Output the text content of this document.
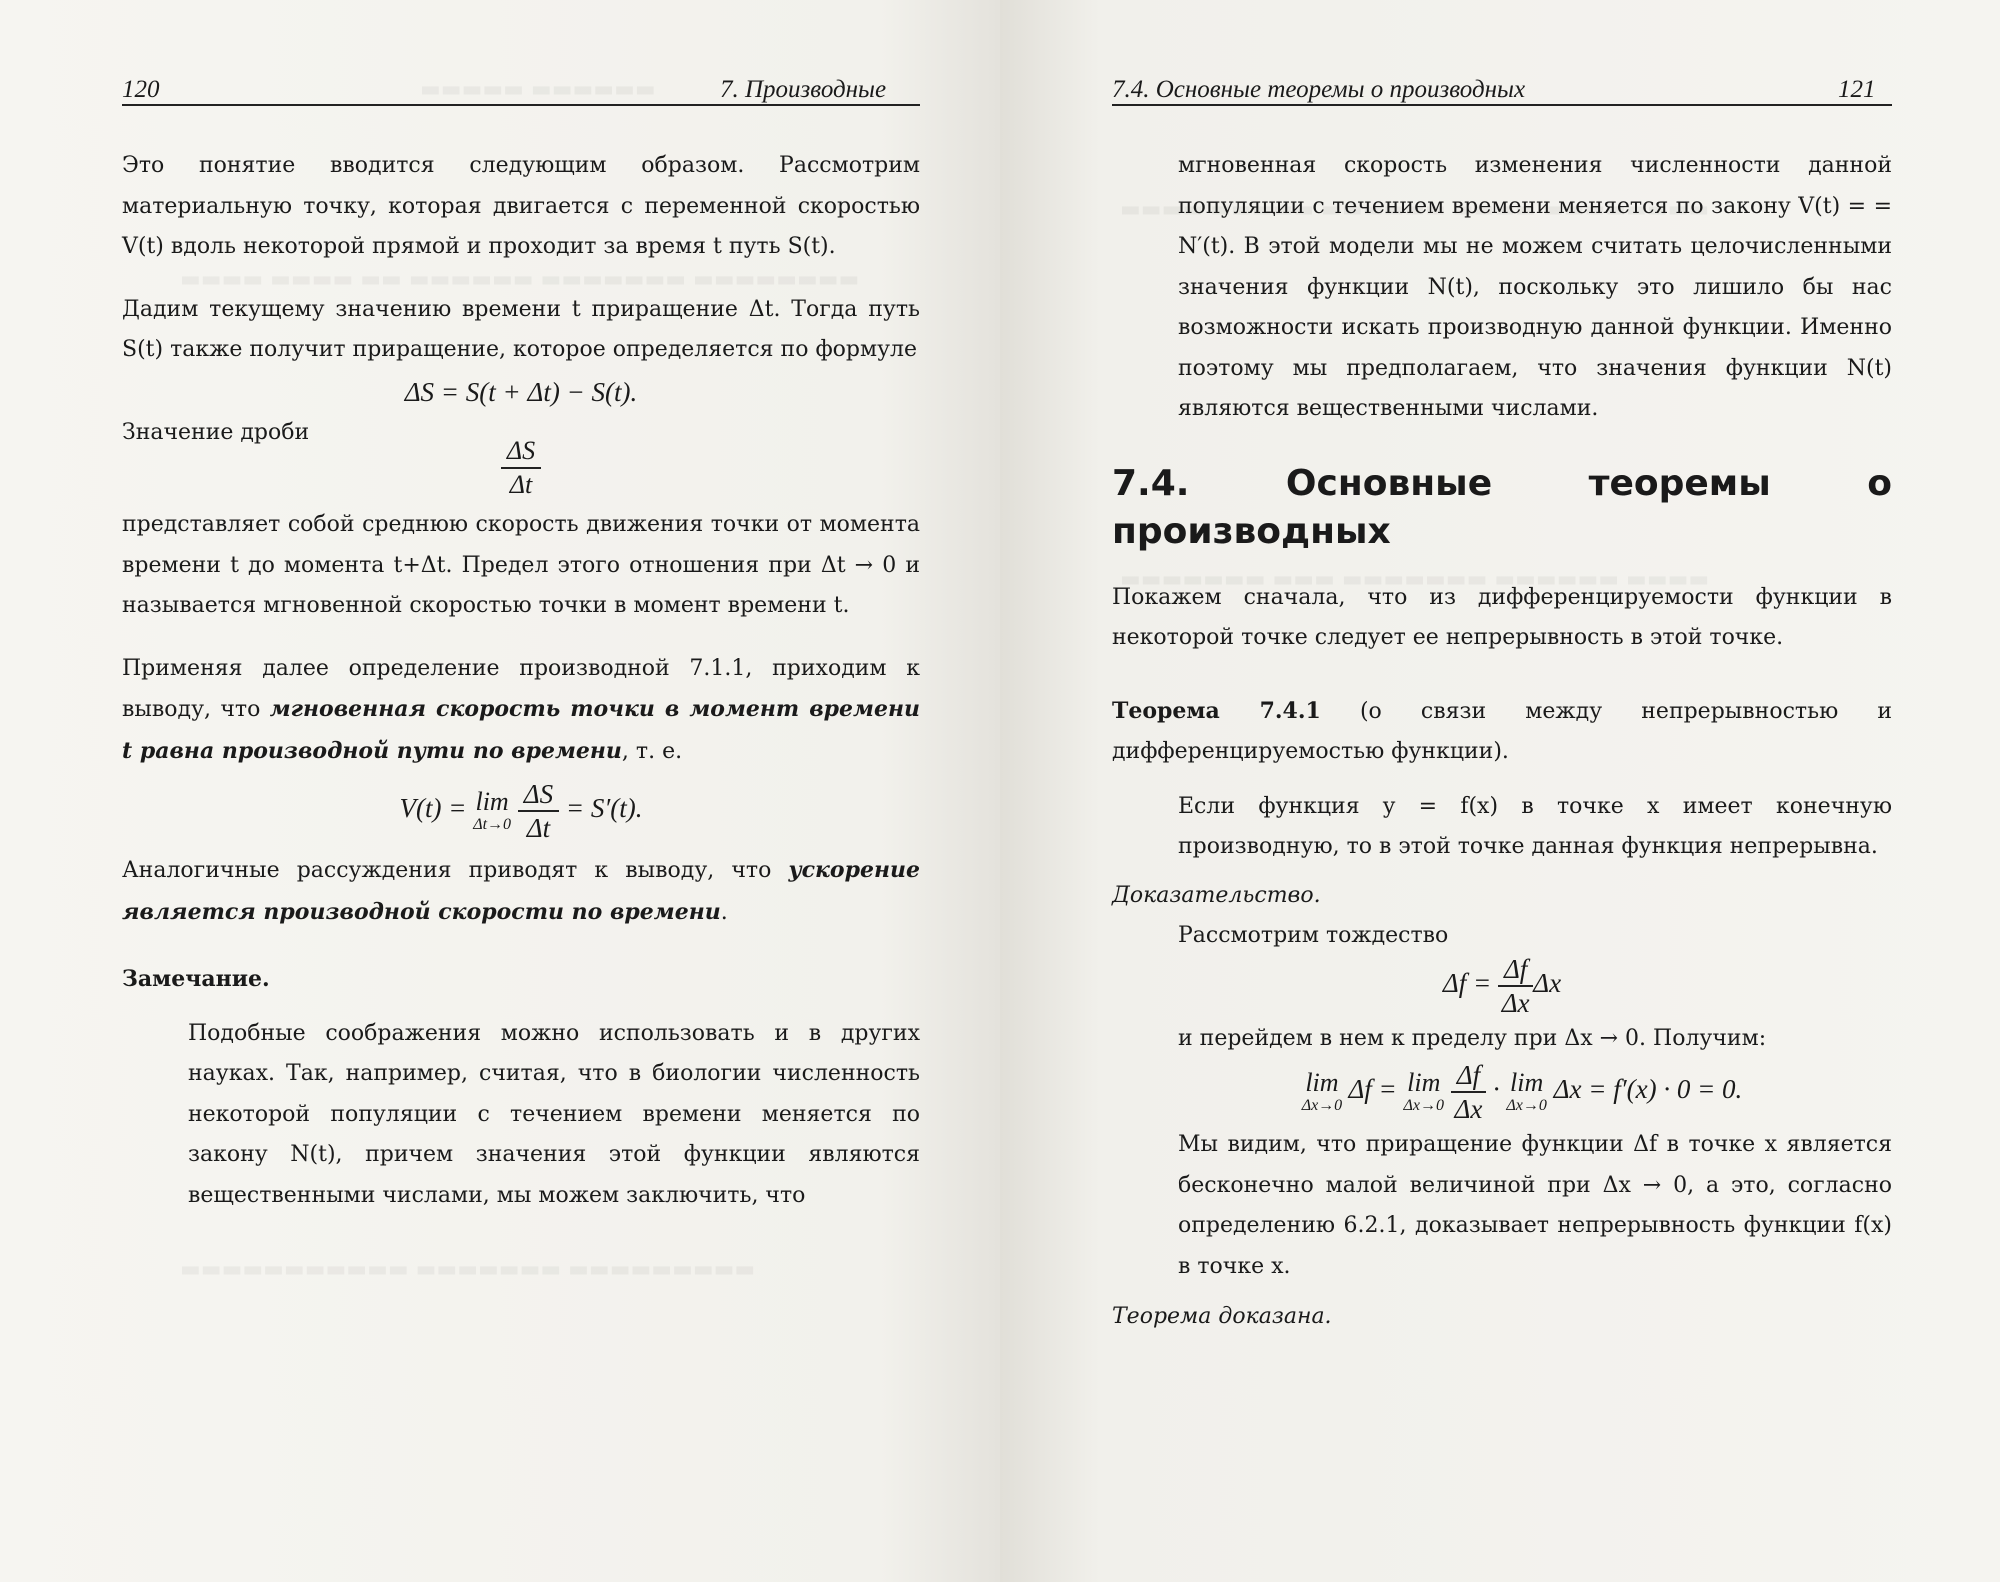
120	7. Производные

Это понятие вводится следующим образом. Рассмотрим материальную точку, которая двигается с переменной скоростью V(t) вдоль некоторой прямой и проходит за время t путь S(t).

Дадим текущему значению времени t приращение Δt. Тогда путь S(t) также получит приращение, которое определяется по формуле

ΔS = S(t + Δt) − S(t).

Значение дроби

$\frac{\Delta S}{\Delta t}$

представляет собой среднюю скорость движения точки от момента времени t до момента t+Δt. Предел этого отношения при Δt → 0 и называется мгновенной скоростью точки в момент времени t.

Применяя далее определение производной 7.1.1, приходим к выводу, что мгновенная скорость точки в момент времени t равна производной пути по времени, т. е.

V(t) = lim
Δt→0
$\frac{\Delta S}{\Delta t} = S'(t)$.

Аналогичные рассуждения приводят к выводу, что ускорение является производной скорости по времени.

Замечание.

Подобные соображения можно использовать и в других науках. Так, например, считая, что в биологии численность некоторой популяции с течением времени меняется по закону N(t), причем значения этой функции являются вещественными числами, мы можем заключить, что

7.4. Основные теоремы о производных	121

мгновенная скорость изменения численности данной популяции с течением времени меняется по закону V(t) = = N′(t). В этой модели мы не можем считать целочисленными значения функции N(t), поскольку это лишило бы нас возможности искать производную данной функции. Именно поэтому мы предполагаем, что значения функции N(t) являются вещественными числами.

7.4. Основные теоремы о производных

Покажем сначала, что из дифференцируемости функции в некоторой точке следует ее непрерывность в этой точке.

Теорема 7.4.1 (о связи между непрерывностью и дифференцируемостью функции).

Если функция y = f(x) в точке x имеет конечную производную, то в этой точке данная функция непрерывна.

Доказательство.

Рассмотрим тождество

$\Delta f = \frac{\Delta f}{\Delta x}$ Δx

и перейдем в нем к пределу при Δx → 0. Получим:

lim
Δx→0
Δf = lim
Δx→0
$\frac{\Delta f}{\Delta x} \cdot \lim$
Δx→0
Δx = f′(x) · 0 = 0.

Мы видим, что приращение функции Δf в точке x является бесконечно малой величиной при Δx → 0, а это, согласно определению 6.2.1, доказывает непрерывность функции f(x) в точке x.

Теорема доказана.
